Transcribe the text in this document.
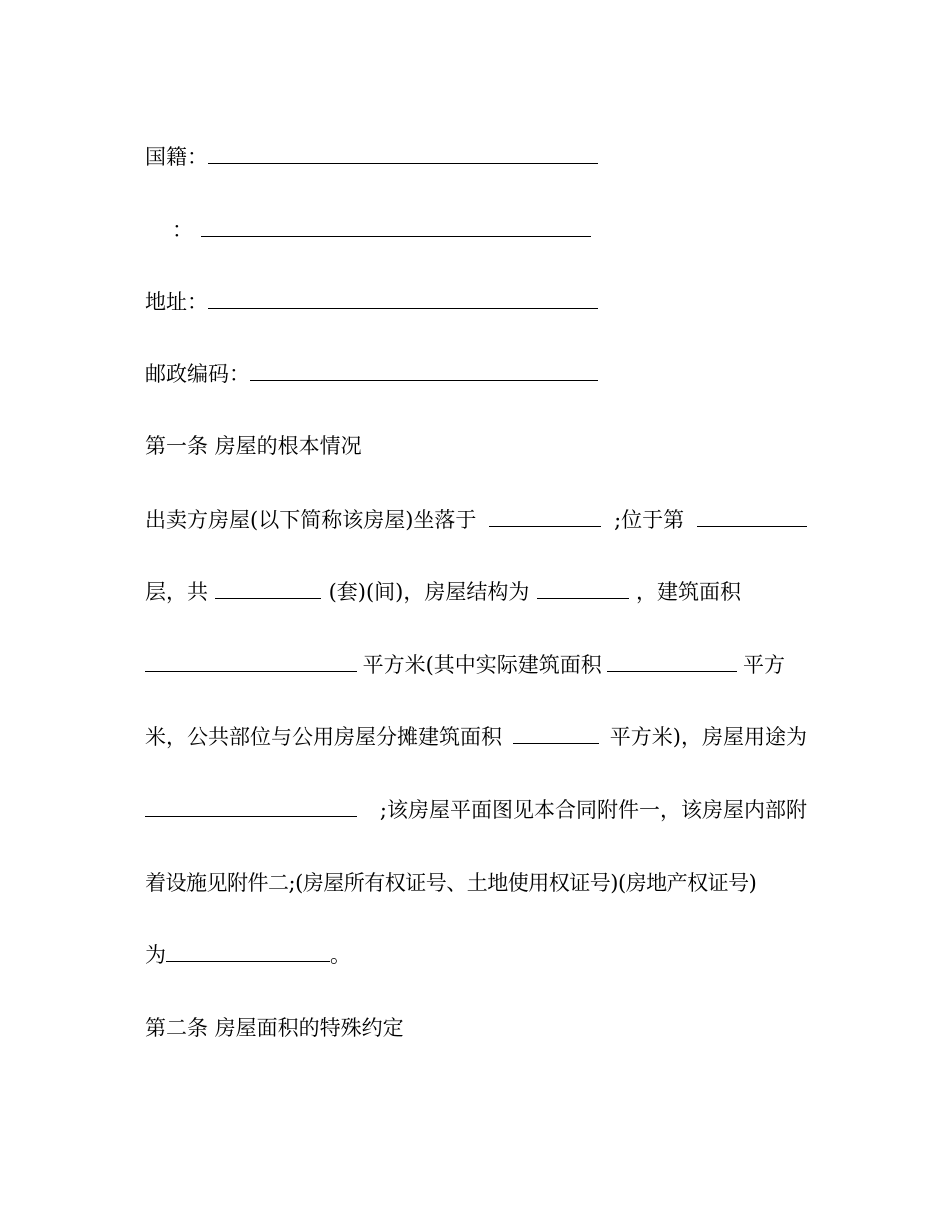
国籍：
：
地址：
邮政编码：
第一条 房屋的根本情况
出卖方房屋(以下简称该房屋)坐落于	;位于第
层，共	(套)(间)，房屋结构为	，建筑面积
平方米(其中实际建筑面积	平方
米，公共部位与公用房屋分摊建筑面积	平方米)，房屋用途为
;该房屋平面图见本合同附件一，该房屋内部附
着设施见附件二;(房屋所有权证号、土地使用权证号)(房地产权证号)
为	。
第二条 房屋面积的特殊约定
